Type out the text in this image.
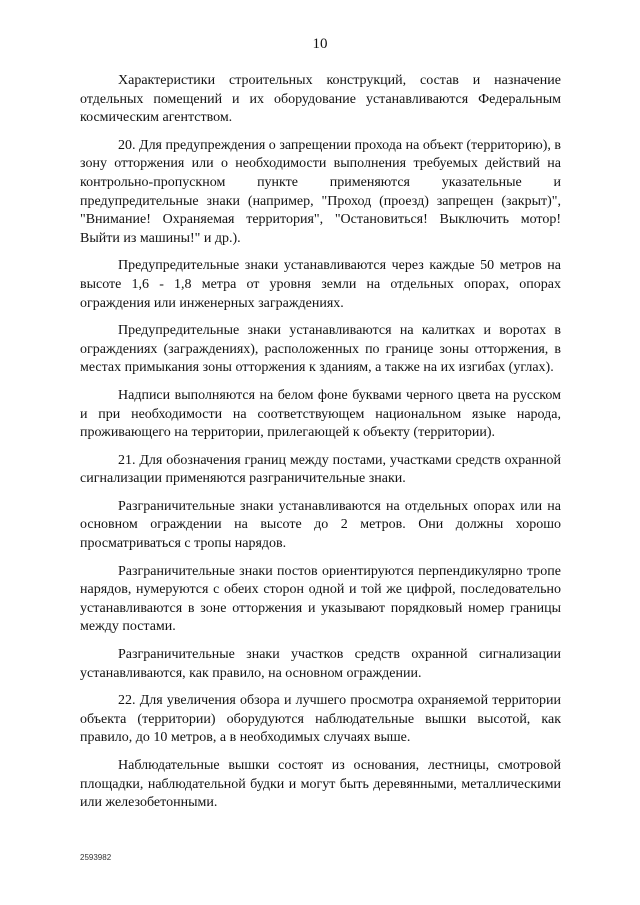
10

Характеристики строительных конструкций, состав и назначение отдельных помещений и их оборудование устанавливаются Федеральным космическим агентством.

20. Для предупреждения о запрещении прохода на объект (территорию), в зону отторжения или о необходимости выполнения требуемых действий на контрольно-пропускном пункте применяются указательные и предупредительные знаки (например, "Проход (проезд) запрещен (закрыт)", "Внимание! Охраняемая территория", "Остановиться! Выключить мотор! Выйти из машины!" и др.).

Предупредительные знаки устанавливаются через каждые 50 метров на высоте 1,6 - 1,8 метра от уровня земли на отдельных опорах, опорах ограждения или инженерных заграждениях.

Предупредительные знаки устанавливаются на калитках и воротах в ограждениях (заграждениях), расположенных по границе зоны отторжения, в местах примыкания зоны отторжения к зданиям, а также на их изгибах (углах).

Надписи выполняются на белом фоне буквами черного цвета на русском и при необходимости на соответствующем национальном языке народа, проживающего на территории, прилегающей к объекту (территории).

21. Для обозначения границ между постами, участками средств охранной сигнализации применяются разграничительные знаки.

Разграничительные знаки устанавливаются на отдельных опорах или на основном ограждении на высоте до 2 метров. Они должны хорошо просматриваться с тропы нарядов.

Разграничительные знаки постов ориентируются перпендикулярно тропе нарядов, нумеруются с обеих сторон одной и той же цифрой, последовательно устанавливаются в зоне отторжения и указывают порядковый номер границы между постами.

Разграничительные знаки участков средств охранной сигнализации устанавливаются, как правило, на основном ограждении.

22. Для увеличения обзора и лучшего просмотра охраняемой территории объекта (территории) оборудуются наблюдательные вышки высотой, как правило, до 10 метров, а в необходимых случаях выше.

Наблюдательные вышки состоят из основания, лестницы, смотровой площадки, наблюдательной будки и могут быть деревянными, металлическими или железобетонными.

2593982
